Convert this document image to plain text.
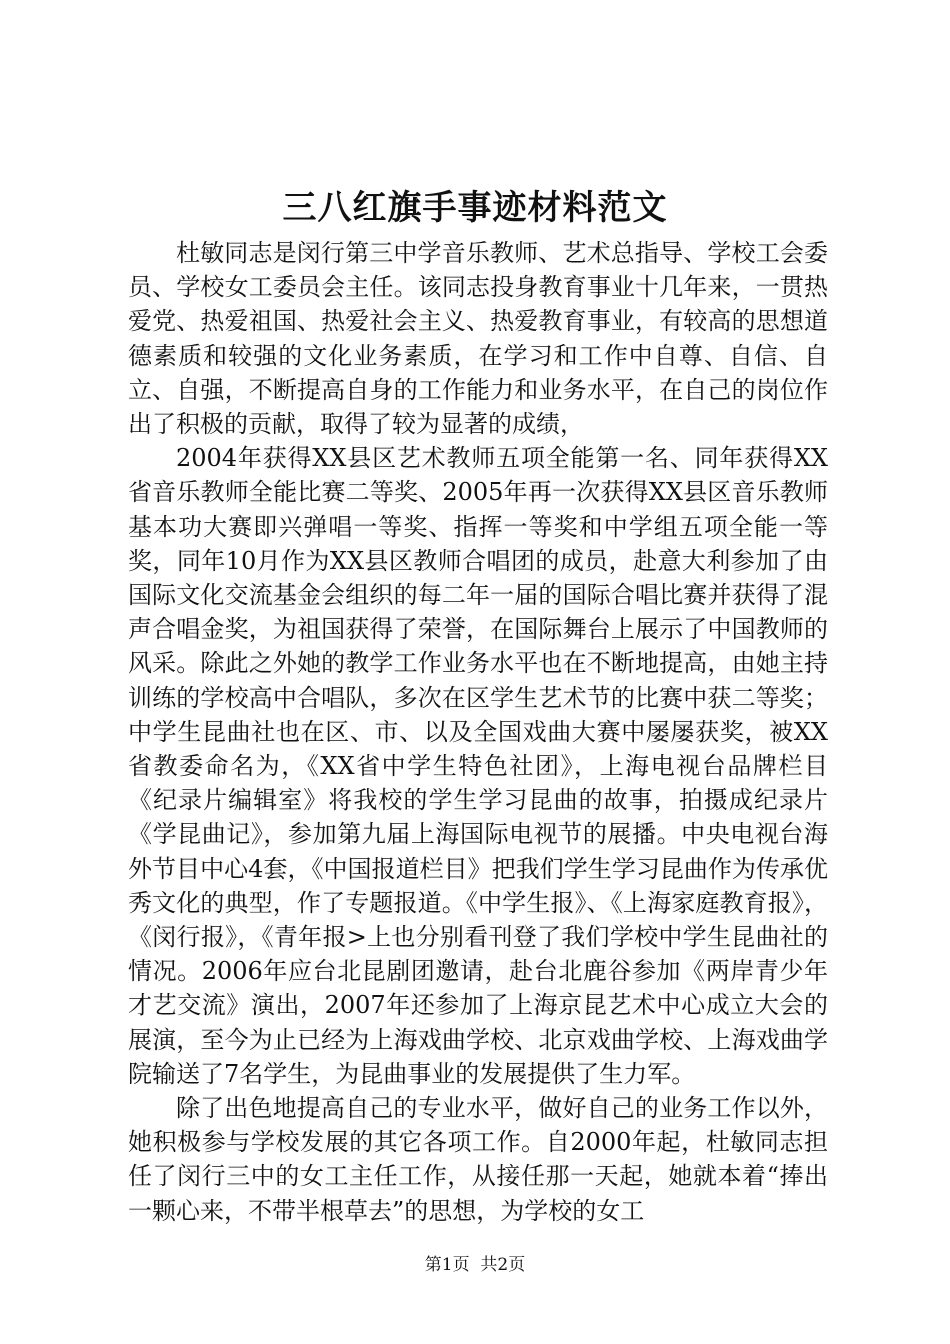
三八红旗手事迹材料范文

杜敏同志是闵行第三中学音乐教师、艺术总指导、学校工会委员、学校女工委员会主任。该同志投身教育事业十几年来，一贯热爱党、热爱祖国、热爱社会主义、热爱教育事业，有较高的思想道德素质和较强的文化业务素质，在学习和工作中自尊、自信、自立、自强，不断提高自身的工作能力和业务水平，在自己的岗位作出了积极的贡献，取得了较为显著的成绩，

2004年获得XX县区艺术教师五项全能第一名、同年获得XX省音乐教师全能比赛二等奖、2005年再一次获得XX县区音乐教师基本功大赛即兴弹唱一等奖、指挥一等奖和中学组五项全能一等奖，同年10月作为XX县区教师合唱团的成员，赴意大利参加了由国际文化交流基金会组织的每二年一届的国际合唱比赛并获得了混声合唱金奖，为祖国获得了荣誉，在国际舞台上展示了中国教师的风采。除此之外她的教学工作业务水平也在不断地提高，由她主持训练的学校高中合唱队，多次在区学生艺术节的比赛中获二等奖；中学生昆曲社也在区、市、以及全国戏曲大赛中屡屡获奖，被XX省教委命名为，《XX省中学生特色社团》，上海电视台品牌栏目《纪录片编辑室》将我校的学生学习昆曲的故事，拍摄成纪录片《学昆曲记》，参加第九届上海国际电视节的展播。中央电视台海外节目中心4套，《中国报道栏目》把我们学生学习昆曲作为传承优秀文化的典型，作了专题报道。《中学生报》、《上海家庭教育报》，《闵行报》，《青年报>上也分别看刊登了我们学校中学生昆曲社的情况。2006年应台北昆剧团邀请，赴台北鹿谷参加《两岸青少年才艺交流》演出，2007年还参加了上海京昆艺术中心成立大会的展演，至今为止已经为上海戏曲学校、北京戏曲学校、上海戏曲学院输送了7名学生，为昆曲事业的发展提供了生力军。

除了出色地提高自己的专业水平，做好自己的业务工作以外，她积极参与学校发展的其它各项工作。自2000年起，杜敏同志担任了闵行三中的女工主任工作，从接任那一天起，她就本着“捧出一颗心来，不带半根草去”的思想，为学校的女工

第1页 共2页
